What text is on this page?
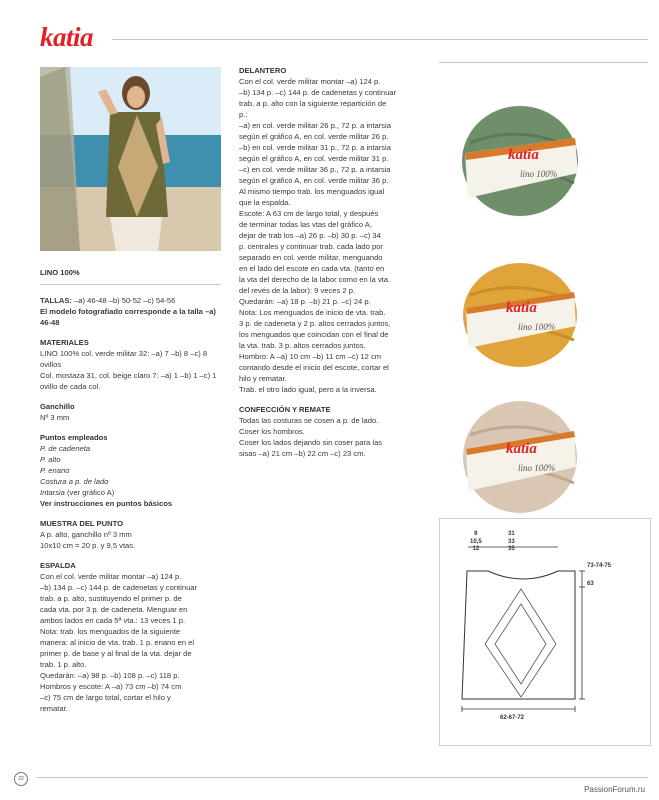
katia

LINO 100%

TALLAS: –a) 46-48 –b) 50-52 –c) 54-56

El modelo fotografiado corresponde a la talla –a) 46-48

MATERIALES

LINO 100% col. verde militar 32: –a) 7 –b) 8 –c) 8 ovillos

Col. mostaza 31, col. beige claro 7: –a) 1 –b) 1 –c) 1 ovillo de cada col.

Ganchillo

Nº 3 mm

Puntos empleados

P. de cadeneta

P. alto

P. enano

Costura a p. de lado

Intarsia (ver gráfico A)

Ver instrucciones en puntos básicos

MUESTRA DEL PUNTO

A p. alto, ganchillo nº 3 mm

10x10 cm = 20 p. y 9,5 vtas.

ESPALDA

Con el col. verde militar montar –a) 124 p.

–b) 134 p. –c) 144 p. de cadenetas y continuar

trab. a p. alto, sustituyendo el primer p. de

cada vta. por 3 p. de cadeneta. Menguar en

ambos lados en cada 5ª vta.: 13 veces 1 p.

Nota: trab. los menguados de la siguiente

manera: al inicio de vta. trab. 1 p. enano en el

primer p. de base y al final de la vta. dejar de

trab. 1 p. alto.

Quedarán: –a) 98 p. –b) 108 p. –c) 118 p.

Hombros y escote: A –a) 73 cm –b) 74 cm

–c) 75 cm de largo total, cortar el hilo y

rematar.

DELANTERO

Con el col. verde militar montar –a) 124 p.

–b) 134 p. –c) 144 p. de cadenetas y continuar

trab. a p. alto con la siguiente repartición de

p.:

–a) en col. verde militar 26 p., 72 p. a intarsia

según el gráfico A, en col. verde militar 26 p.

–b) en col. verde militar 31 p., 72 p. a intarsia

según el gráfico A, en col. verde militar 31 p.

–c) en col. verde militar 36 p., 72 p. a intarsia

según el gráfico A, en col. verde militar 36 p.

Al mismo tiempo trab. los menguados igual

que la espalda.

Escote: A 63 cm de largo total, y después

de terminar todas las vtas del gráfico A,

dejar de trab los –a) 26 p. –b) 30 p. –c) 34

p. centrales y continuar trab. cada lado por

separado en col. verde militar, menguando

en el lado del escote en cada vta. (tanto en

la vta del derecho de la labor como en la vta.

del revés de la labor): 9 veces 2 p.

Quedarán: –a) 18 p. –b) 21 p. –c) 24 p.

Nota: Los menguados de inicio de vta. trab.

3 p. de cadeneta y 2 p. altos cerrados juntos,

los menguados que coincidan con el final de

la vta. trab. 3 p. altos cerrados juntos.

Hombro: A –a) 10 cm –b) 11 cm –c) 12 cm

contando desde el inicio del escote, cortar el

hilo y rematar.

Trab. el otro lado igual, pero a la inversa.

CONFECCIÓN Y REMATE

Todas las costuras se cosen a p. de lado.

Coser los hombros.

Coser los lados dejando sin coser para las

sisas –a) 21 cm –b) 22 cm –c) 23 cm.

katia
lino 100%
katia
lino 100%
katia
lino 100%
9
10,5
12
31
33
35
73-74-75
63
62-67-72
22
PassionForum.ru
